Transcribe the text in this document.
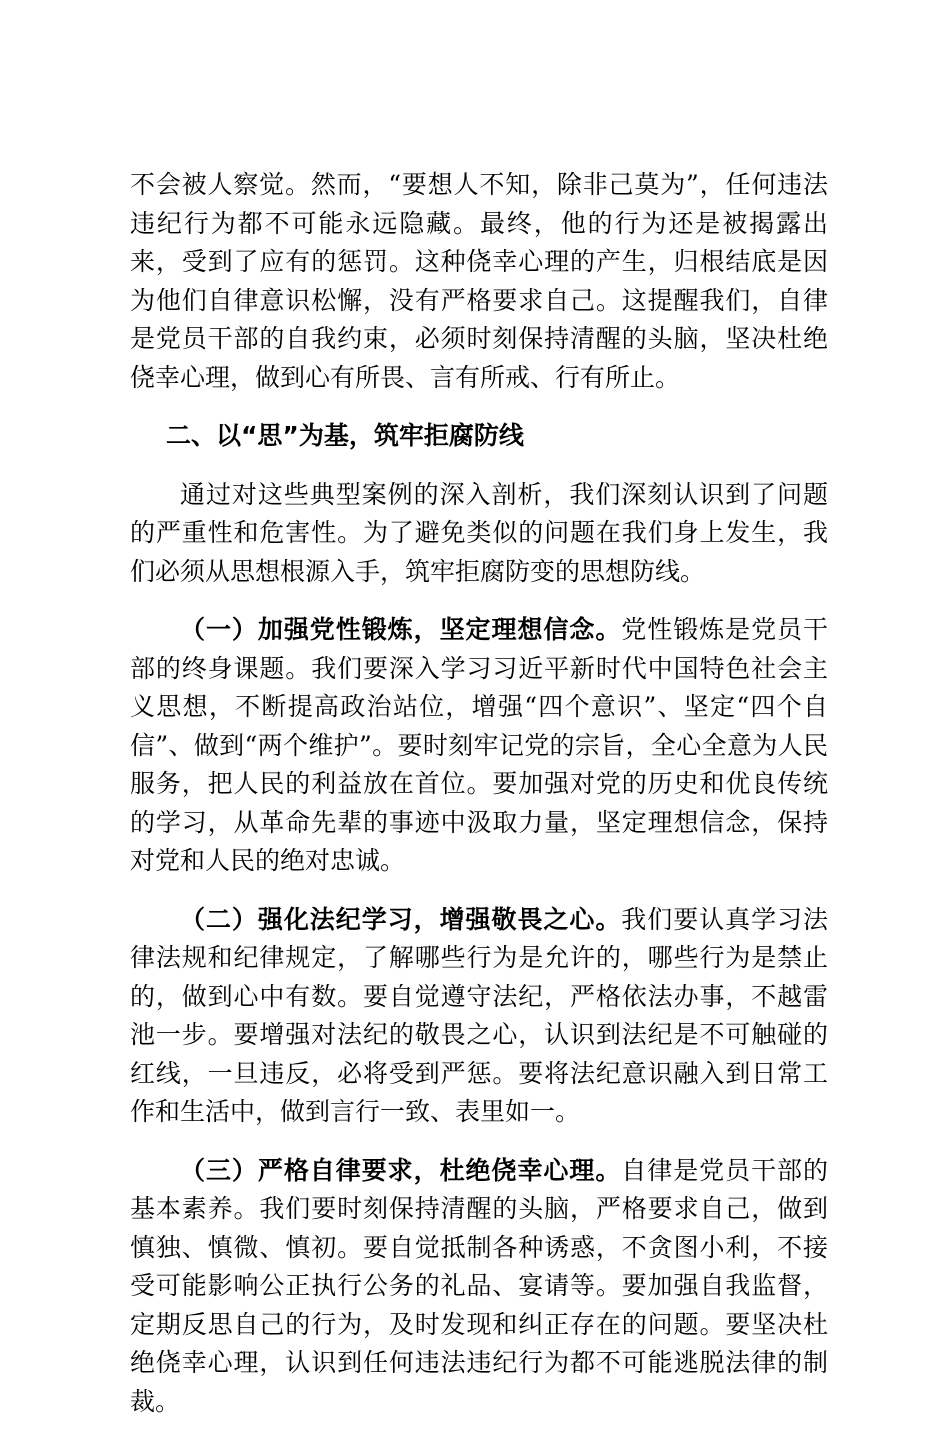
不会被人察觉。然而，“要想人不知，除非己莫为”，任何违法违纪行为都不可能永远隐藏。最终，他的行为还是被揭露出来，受到了应有的惩罚。这种侥幸心理的产生，归根结底是因为他们自律意识松懈，没有严格要求自己。这提醒我们，自律是党员干部的自我约束，必须时刻保持清醒的头脑，坚决杜绝侥幸心理，做到心有所畏、言有所戒、行有所止。

二、以“思”为基，筑牢拒腐防线

通过对这些典型案例的深入剖析，我们深刻认识到了问题的严重性和危害性。为了避免类似的问题在我们身上发生，我们必须从思想根源入手，筑牢拒腐防变的思想防线。

（一）加强党性锻炼，坚定理想信念。党性锻炼是党员干部的终身课题。我们要深入学习习近平新时代中国特色社会主义思想，不断提高政治站位，增强“四个意识”、坚定“四个自信”、做到“两个维护”。要时刻牢记党的宗旨，全心全意为人民服务，把人民的利益放在首位。要加强对党的历史和优良传统的学习，从革命先辈的事迹中汲取力量，坚定理想信念，保持对党和人民的绝对忠诚。

（二）强化法纪学习，增强敬畏之心。我们要认真学习法律法规和纪律规定，了解哪些行为是允许的，哪些行为是禁止的，做到心中有数。要自觉遵守法纪，严格依法办事，不越雷池一步。要增强对法纪的敬畏之心，认识到法纪是不可触碰的红线，一旦违反，必将受到严惩。要将法纪意识融入到日常工作和生活中，做到言行一致、表里如一。

（三）严格自律要求，杜绝侥幸心理。自律是党员干部的基本素养。我们要时刻保持清醒的头脑，严格要求自己，做到慎独、慎微、慎初。要自觉抵制各种诱惑，不贪图小利，不接受可能影响公正执行公务的礼品、宴请等。要加强自我监督，定期反思自己的行为，及时发现和纠正存在的问题。要坚决杜绝侥幸心理，认识到任何违法违纪行为都不可能逃脱法律的制裁。
